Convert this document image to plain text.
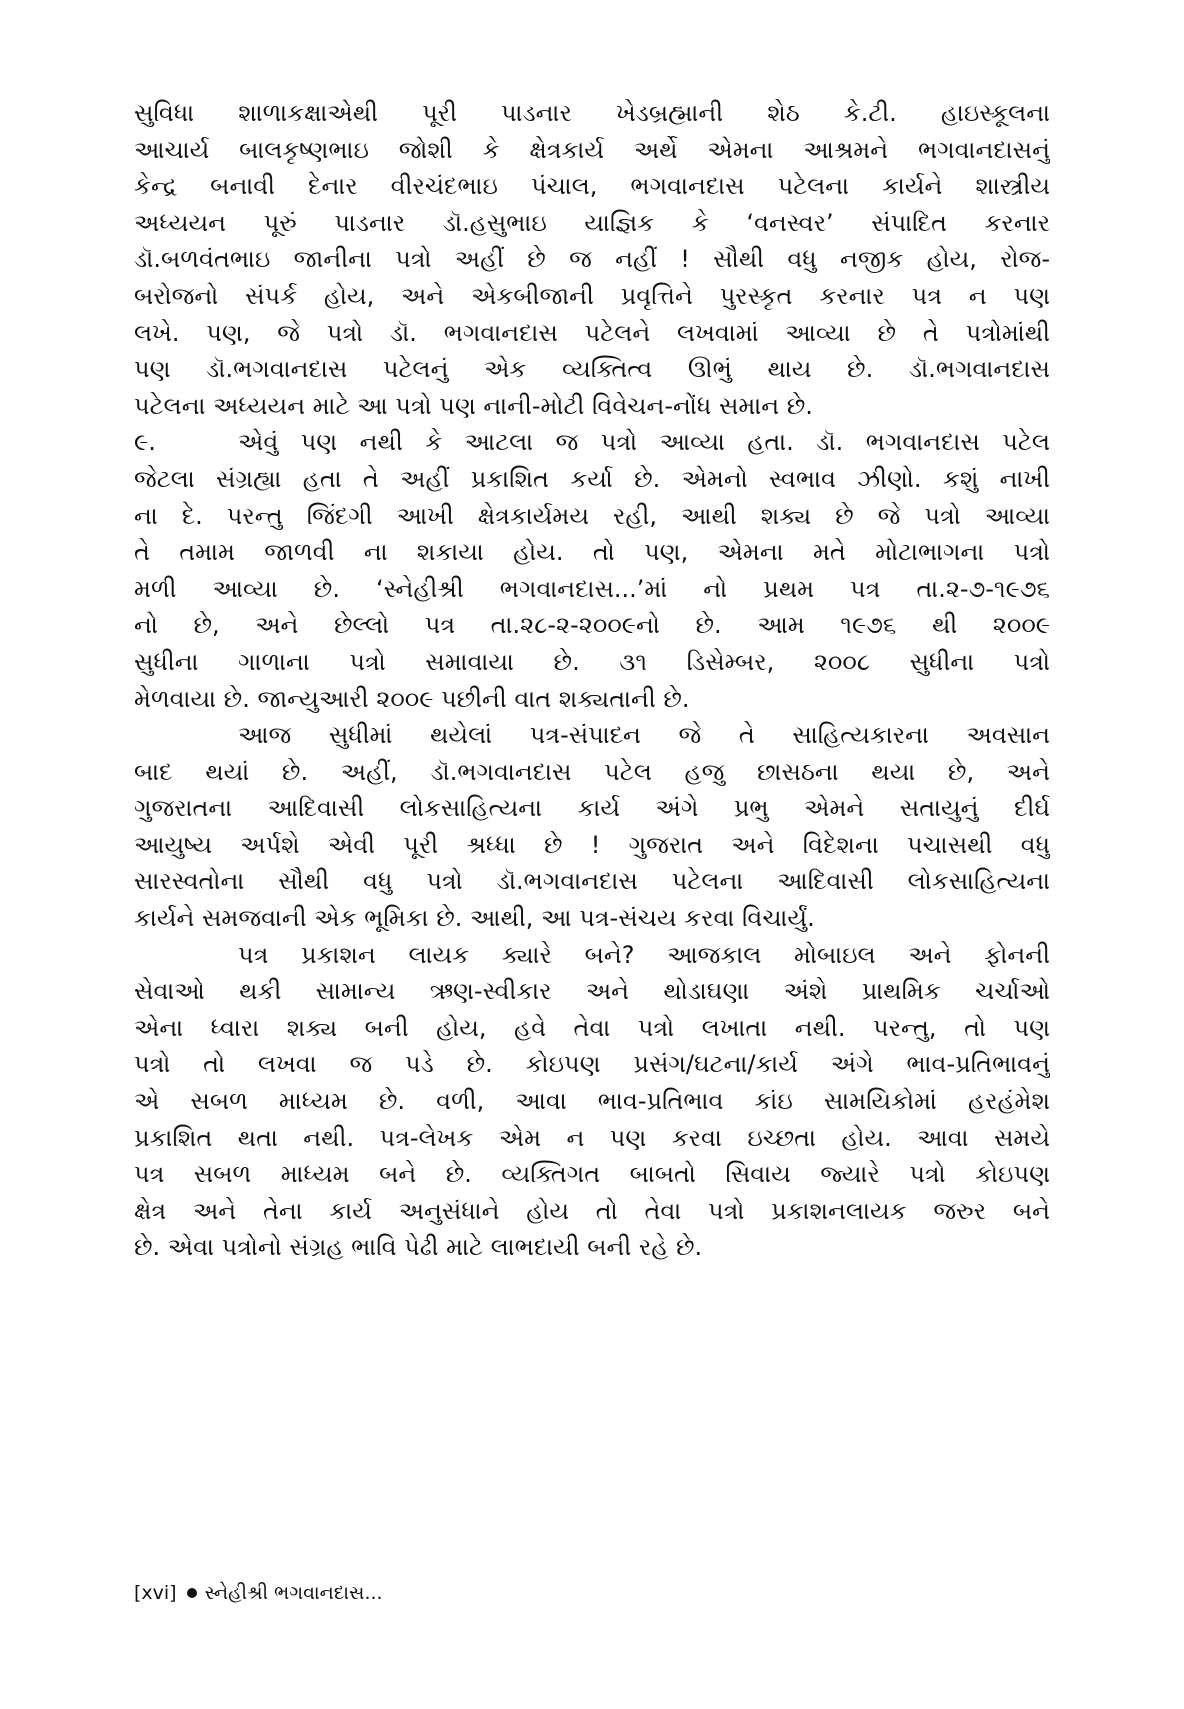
સુવિધા શાળાકક્ષાએથી પૂરી પાડનાર ખેડબ્રહ્માની શેઠ કે.ટી. હાઇસ્કૂલના
આચાર્ય બાલકૃષ્ણભાઇ જોશી કે ક્ષેત્રકાર્ય અર્થે એમના આશ્રમને ભગવાનદાસનું
કેન્દ્ર બનાવી દેનાર વીરચંદભાઇ પંચાલ, ભગવાનદાસ પટેલના કાર્યને શાસ્ત્રીય
અધ્યયન પૂરું પાડનાર ડૉ.હસુભાઇ યાજ્ઞિક કે ‘વનસ્વર’ સંપાદિત કરનાર
ડૉ.બળવંતભાઇ જાનીના પત્રો અહીં છે જ નહીં ! સૌથી વધુ નજીક હોય, રોજ-
બરોજનો સંપર્ક હોય, અને એકબીજાની પ્રવૃત્તિને પુરસ્કૃત કરનાર પત્ર ન પણ
લખે. પણ, જે પત્રો ડૉ. ભગવાનદાસ પટેલને લખવામાં આવ્યા છે તે પત્રોમાંથી
પણ ડૉ.ભગવાનદાસ પટેલનું એક વ્યક્તિત્વ ઊભું થાય છે. ડૉ.ભગવાનદાસ
પટેલના અધ્યયન માટે આ પત્રો પણ નાની-મોટી વિવેચન-નોંધ સમાન છે.
૯.	એવું પણ નથી કે આટલા જ પત્રો આવ્યા હતા. ડૉ. ભગવાનદાસ પટેલ
જેટલા સંગ્રહ્યા હતા તે અહીં પ્રકાશિત કર્યા છે. એમનો સ્વભાવ ઝીણો. કશું નાખી
ના દે. પરન્તુ જિંદગી આખી ક્ષેત્રકાર્યમય રહી, આથી શક્ય છે જે પત્રો આવ્યા
તે તમામ જાળવી ના શકાયા હોય. તો પણ, એમના મતે મોટાભાગના પત્રો
મળી આવ્યા છે. ‘સ્નેહીશ્રી ભગવાનદાસ...’માં નો પ્રથમ પત્ર તા.૨-૭-૧૯૭૬
નો છે, અને છેલ્લો પત્ર તા.૨૮-૨-૨૦૦૯નો છે. આમ ૧૯૭૬ થી ૨૦૦૯
સુધીના ગાળાના પત્રો સમાવાયા છે. ૩૧ ડિસેમ્બર, ૨૦૦૮ સુધીના પત્રો
મેળવાયા છે. જાન્યુઆરી ૨૦૦૯ પછીની વાત શક્યતાની છે.
આજ સુધીમાં થયેલાં પત્ર-સંપાદન જે તે સાહિત્યકારના અવસાન
બાદ થયાં છે. અહીં, ડૉ.ભગવાનદાસ પટેલ હજુ છાસઠના થયા છે, અને
ગુજરાતના આદિવાસી લોકસાહિત્યના કાર્ય અંગે પ્રભુ એમને સતાયુનું દીર્ઘ
આયુષ્ય અર્પશે એવી પૂરી શ્રધ્ધા છે ! ગુજરાત અને વિદેશના પચાસથી વધુ
સારસ્વતોના સૌથી વધુ પત્રો ડૉ.ભગવાનદાસ પટેલના આદિવાસી લોકસાહિત્યના
કાર્યને સમજવાની એક ભૂમિકા છે. આથી, આ પત્ર-સંચય કરવા વિચાર્યું.
પત્ર પ્રકાશન લાયક ક્યારે બને? આજકાલ મોબાઇલ અને ફોનની
સેવાઓ થકી સામાન્ય ઋણ-સ્વીકાર અને થોડાઘણા અંશે પ્રાથમિક ચર્ચાઓ
એના ધ્વારા શક્ય બની હોય, હવે તેવા પત્રો લખાતા નથી. પરન્તુ, તો પણ
પત્રો તો લખવા જ પડે છે. કોઇપણ પ્રસંગ/ઘટના/કાર્ય અંગે ભાવ-પ્રતિભાવનું
એ સબળ માધ્યમ છે. વળી, આવા ભાવ-પ્રતિભાવ કાંઇ સામયિકોમાં હરહંમેશ
પ્રકાશિત થતા નથી. પત્ર-લેખક એમ ન પણ કરવા ઇચ્છતા હોય. આવા સમયે
પત્ર સબળ માધ્યમ બને છે. વ્યક્તિગત બાબતો સિવાય જ્યારે પત્રો કોઇપણ
ક્ષેત્ર અને તેના કાર્ય અનુસંધાને હોય તો તેવા પત્રો પ્રકાશનલાયક જરુર બને
છે. એવા પત્રોનો સંગ્રહ ભાવિ પેઢી માટે લાભદાયી બની રહે છે.
[xvi] સ્નેહીશ્રી ભગવાનદાસ...
